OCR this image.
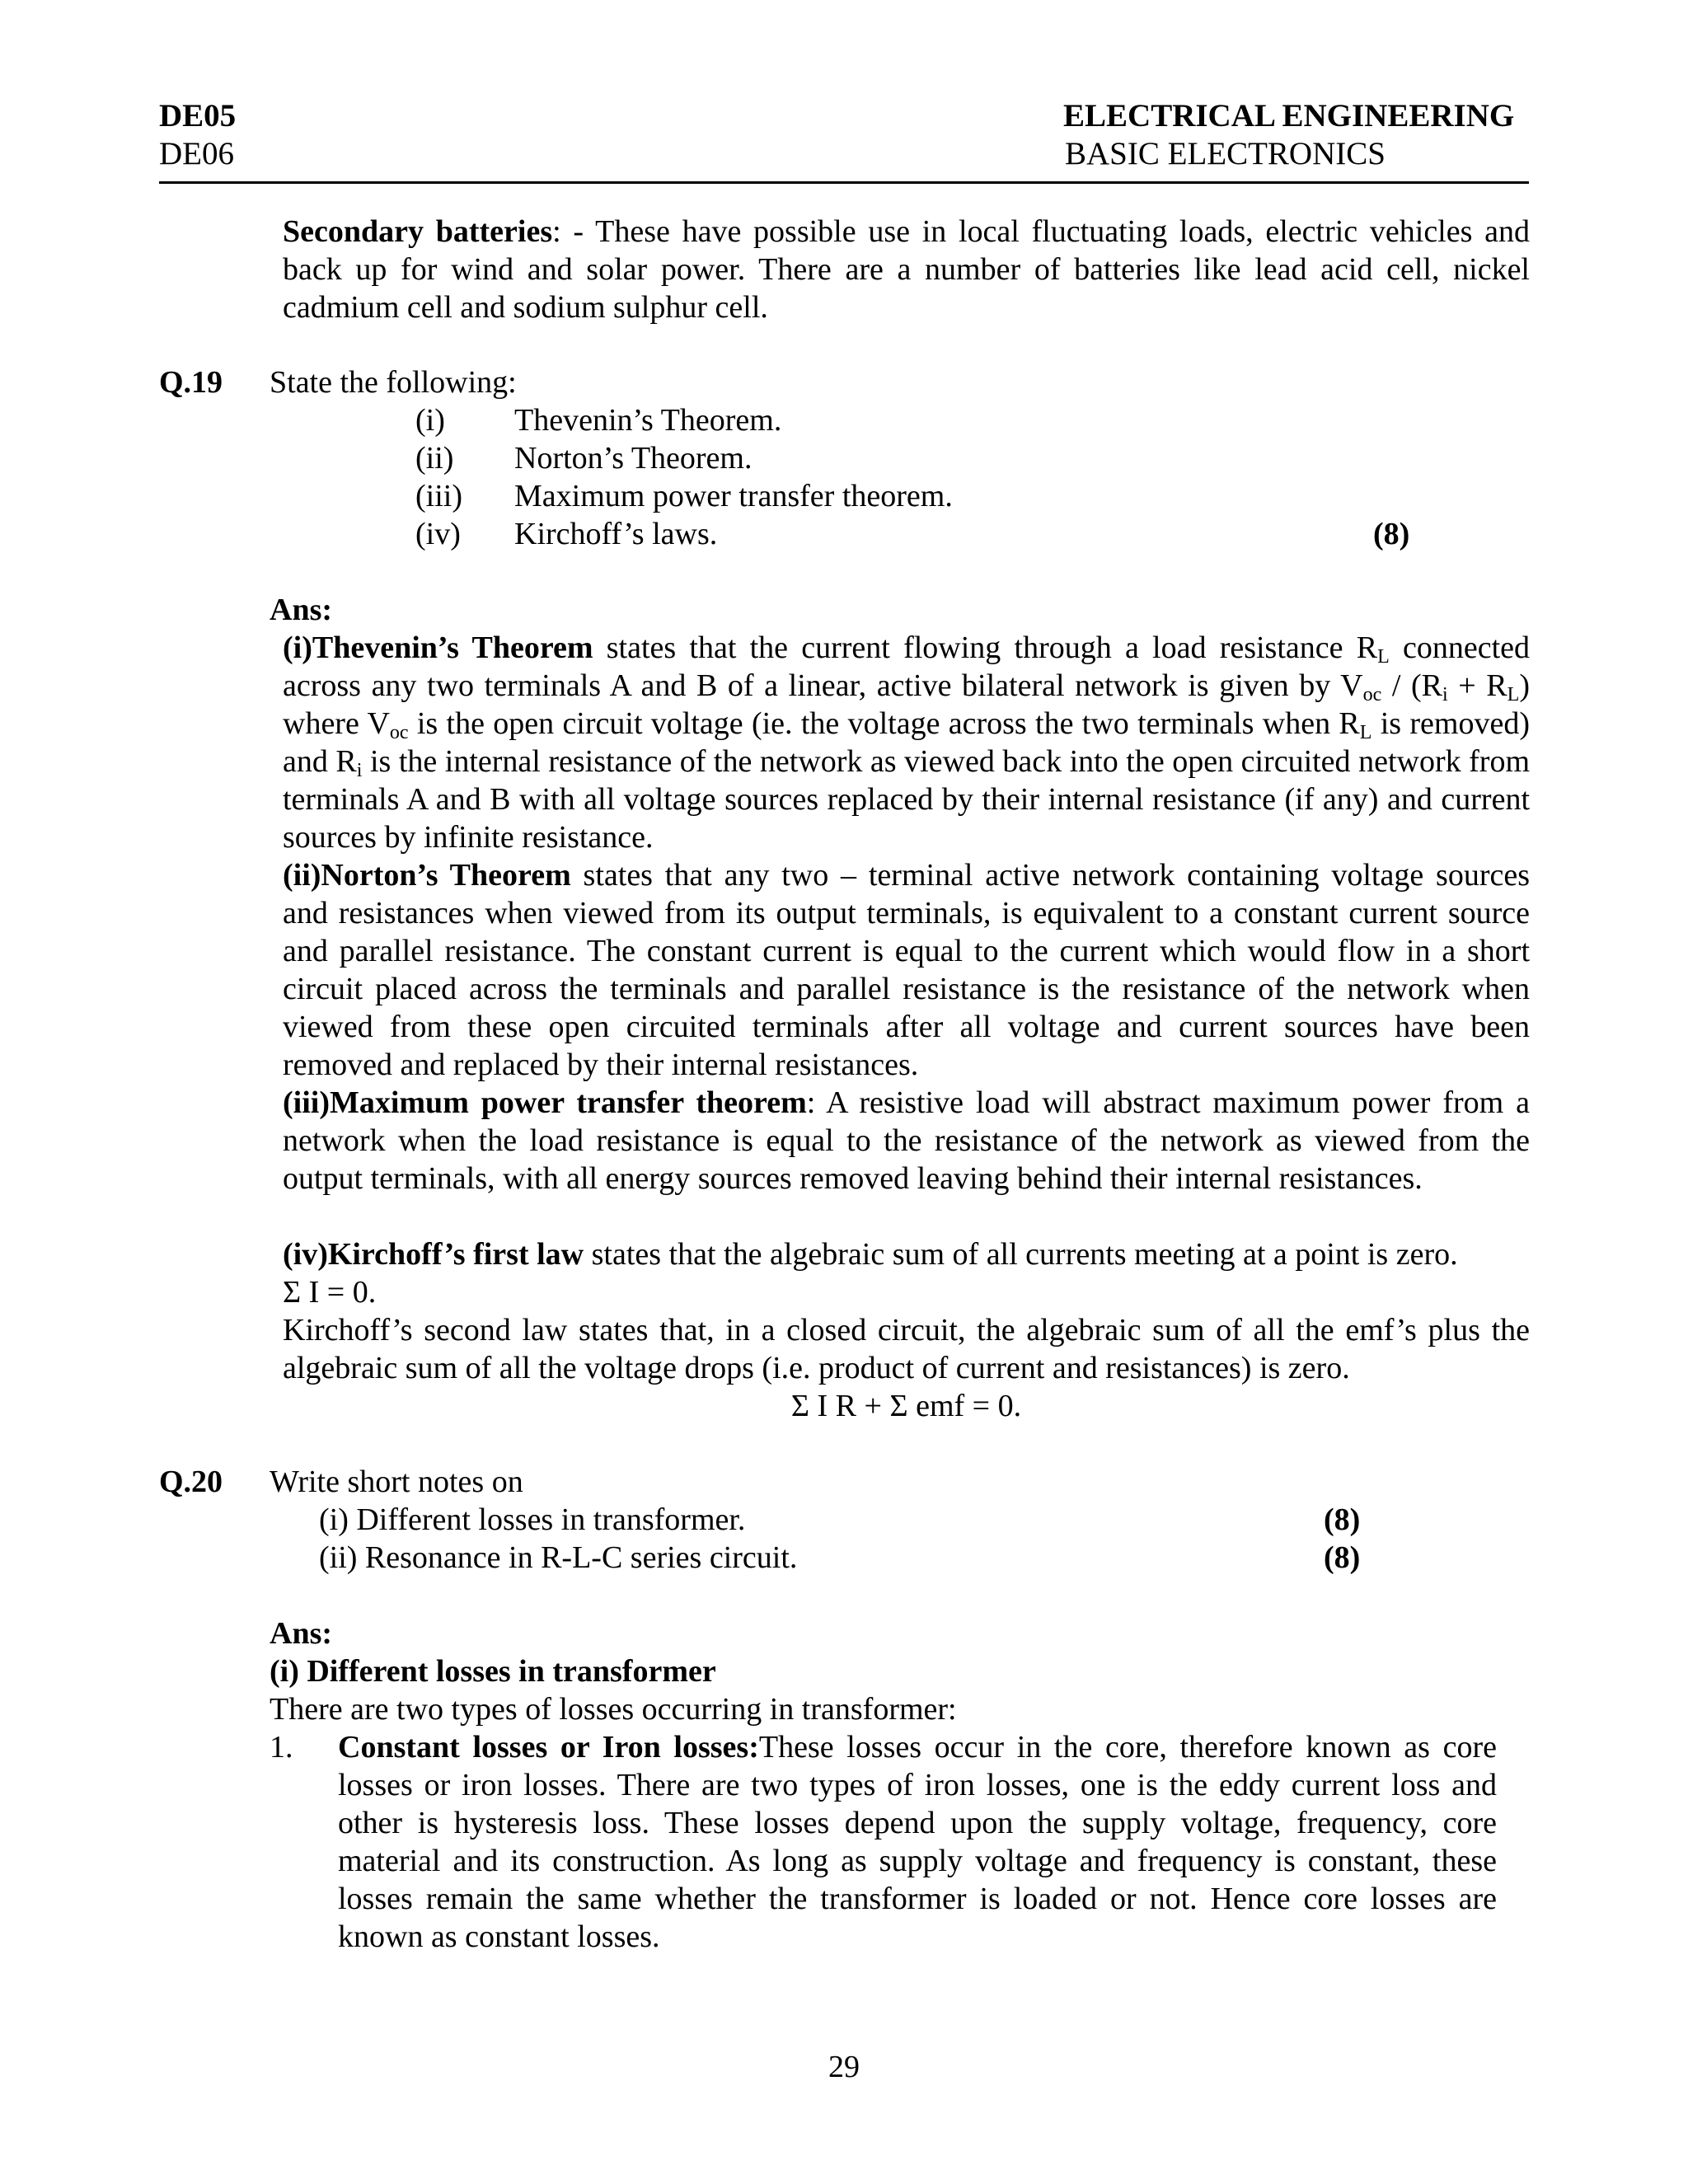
DE05
DE06
ELECTRICAL ENGINEERING
BASIC ELECTRONICS
Secondary batteries: - These have possible use in local fluctuating loads, electric vehicles and back up for wind and solar power. There are a number of batteries like lead acid cell, nickel cadmium cell and sodium sulphur cell.
Q.19 State the following:
(i) Thevenin’s Theorem.
(ii) Norton’s Theorem.
(iii) Maximum power transfer theorem.
(iv) Kirchoff’s laws.	(8)
Ans:
(i)Thevenin’s Theorem states that the current flowing through a load resistance $R_L$ connected across any two terminals A and B of a linear, active bilateral network is given by $V_{oc} / (R_i + R_L)$ where $V_{oc}$ is the open circuit voltage (ie. the voltage across the two terminals when $R_L$ is removed) and $R_i$ is the internal resistance of the network as viewed back into the open circuited network from terminals A and B with all voltage sources replaced by their internal resistance (if any) and current sources by infinite resistance.
(ii)Norton’s Theorem states that any two – terminal active network containing voltage sources and resistances when viewed from its output terminals, is equivalent to a constant current source and parallel resistance. The constant current is equal to the current which would flow in a short circuit placed across the terminals and parallel resistance is the resistance of the network when viewed from these open circuited terminals after all voltage and current sources have been removed and replaced by their internal resistances.
(iii)Maximum power transfer theorem: A resistive load will abstract maximum power from a network when the load resistance is equal to the resistance of the network as viewed from the output terminals, with all energy sources removed leaving behind their internal resistances.
(iv)Kirchoff’s first law states that the algebraic sum of all currents meeting at a point is zero.
Σ I = 0.
Kirchoff’s second law states that, in a closed circuit, the algebraic sum of all the emf’s plus the algebraic sum of all the voltage drops (i.e. product of current and resistances) is zero.
Σ I R + Σ emf = 0.
Q.20 Write short notes on
(i) Different losses in transformer.	(8)
(ii) Resonance in R-L-C series circuit.	(8)
Ans:
(i) Different losses in transformer
There are two types of losses occurring in transformer:
1. Constant losses or Iron losses:These losses occur in the core, therefore known as core losses or iron losses. There are two types of iron losses, one is the eddy current loss and other is hysteresis loss. These losses depend upon the supply voltage, frequency, core material and its construction. As long as supply voltage and frequency is constant, these losses remain the same whether the transformer is loaded or not. Hence core losses are known as constant losses.
29
